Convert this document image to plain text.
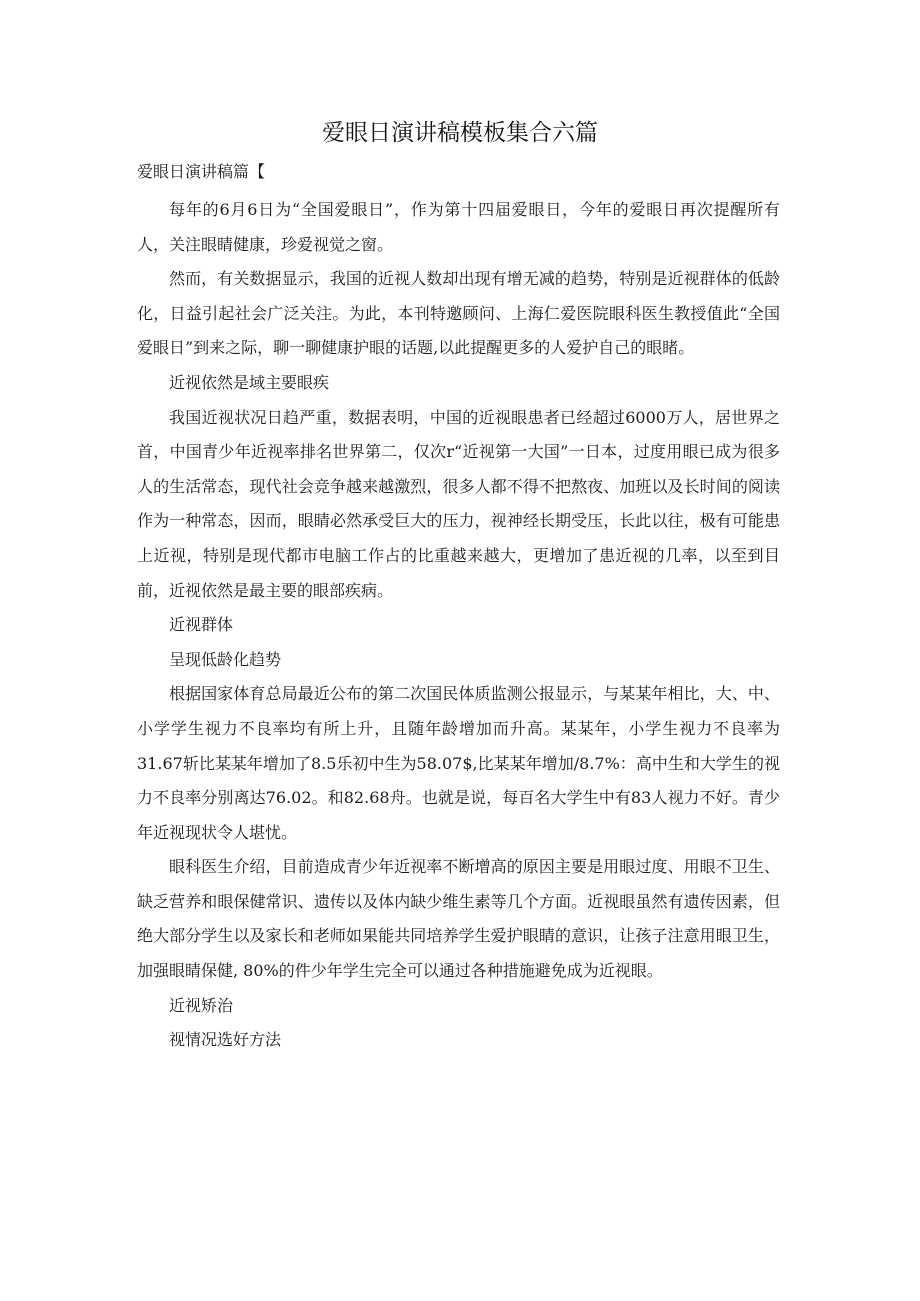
爱眼日演讲稿模板集合六篇
爱眼日演讲稿篇【

每年的6月6日为“全国爱眼日”，作为第十四届爱眼日，今年的爱眼日再次提醒所有人，关注眼睛健康，珍爱视觉之窗。

然而，有关数据显示，我国的近视人数却出现有增无减的趋势，特别是近视群体的低龄化，日益引起社会广泛关注。为此，本刊特邀顾问、上海仁爱医院眼科医生教授值此“全国爱眼日”到来之际，聊一聊健康护眼的话题,以此提醒更多的人爱护自己的眼睹。

近视依然是域主要眼疾

我国近视状况日趋严重，数据表明，中国的近视眼患者已经超过6000万人，居世界之首，中国青少年近视率排名世界第二，仅次r“近视第一大国”一日本，过度用眼已成为很多人的生活常态，现代社会竞争越来越激烈，很多人都不得不把熬夜、加班以及长时间的阅读作为一种常态，因而，眼睛必然承受巨大的压力，视神经长期受压，长此以往，极有可能患上近视，特别是现代都市电脑工作占的比重越来越大，更增加了患近视的几率，以至到目前，近视依然是最主要的眼部疾病。

近视群体

呈现低龄化趋势

根据国家体育总局最近公布的第二次国民体质监测公报显示，与某某年相比，大、中、小学学生视力不良率均有所上升，且随年龄增加而升高。某某年，小学生视力不良率为31.67斩比某某年增加了8.5乐初中生为58.07$,比某某年增加/8.7%：高中生和大学生的视力不良率分别离达76.02。和82.68舟。也就是说，每百名大学生中有83人视力不好。青少年近视现状令人堪忧。

眼科医生介绍，目前造成青少年近视率不断增高的原因主要是用眼过度、用眼不卫生、缺乏营养和眼保健常识、遗传以及体内缺少维生素等几个方面。近视眼虽然有遗传因素，但绝大部分学生以及家长和老师如果能共同培养学生爱护眼睛的意识，让孩子注意用眼卫生，加强眼睛保健, 80%的件少年学生完全可以通过各种措施避免成为近视眼。

近视矫治

视情况选好方法
